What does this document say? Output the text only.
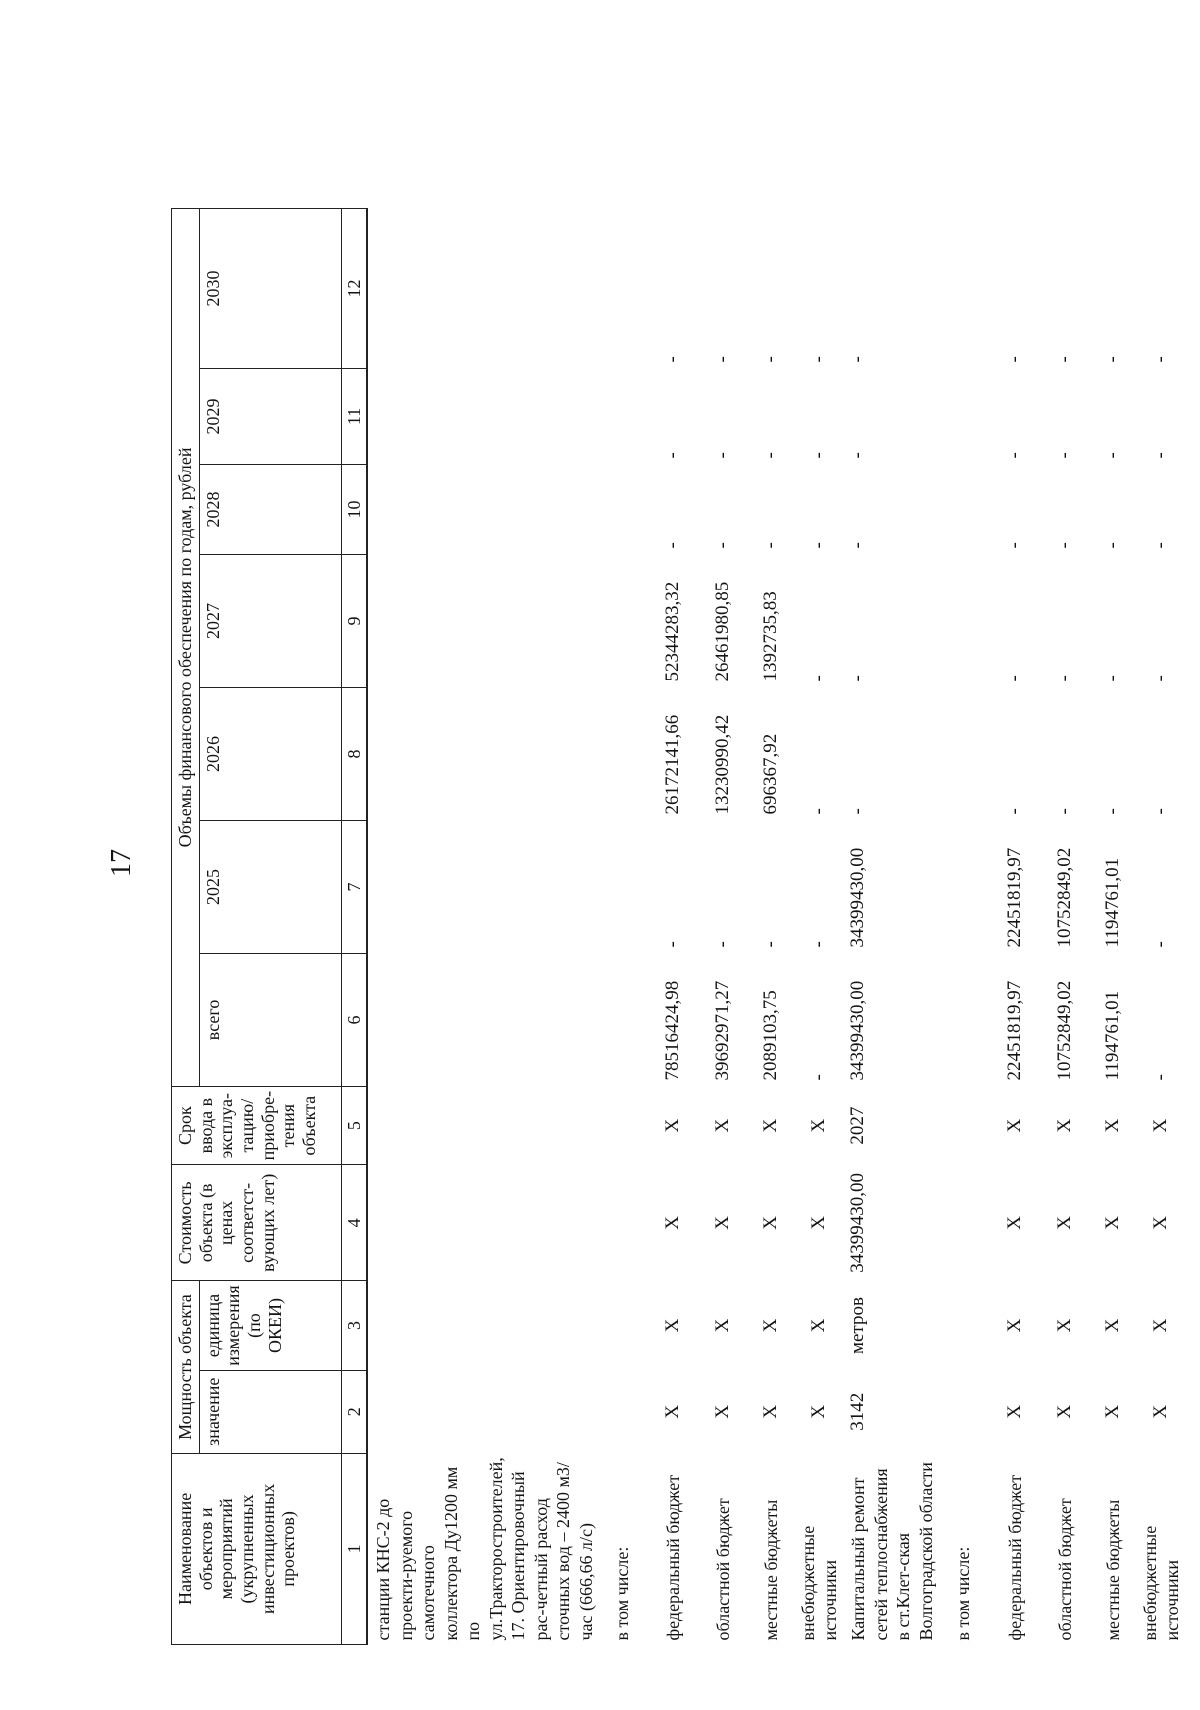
17
Наименование объектов и мероприятий (укрупненных инвестиционных проектов)	Мощность объекта		Стоимость объекта (в ценах соответст-вующих лет)	Срок ввода в эксплуа-тацию/ приобре-тения объекта	Объемы финансового обеспечения по годам, рублей						
	значение	единица измерения (по ОКЕИ)			всего	2025	2026	2027	2028	2029	2030
1	2	3	4	5	6	7	8	9	10	11	12
станции КНС-2 до проекти-руемого самотечного коллектора Ду1200 мм по ул.Тракторостроителей, 17. Ориентировочный рас-четный расход сточных вод – 2400 м3/час (666,66 л/с)											
в том числе:											
федеральный бюджет	X	X	X	X	78516424,98	-	26172141,66	52344283,32	-	-	-
областной бюджет	X	X	X	X	39692971,27	-	13230990,42	26461980,85	-	-	-
местные бюджеты	X	X	X	X	2089103,75	-	696367,92	1392735,83	-	-	-
внебюджетные источники	X	X	X	X	-	-	-	-	-	-	-
Капитальный ремонт сетей теплоснабжения в ст.Клет-ская Волгоградской области	3142	метров	34399430,00	2027	34399430,00	34399430,00	-	-	-	-	-
в том числе:											
федеральный бюджет	X	X	X	X	22451819,97	22451819,97	-	-	-	-	-
областной бюджет	X	X	X	X	10752849,02	10752849,02	-	-	-	-	-
местные бюджеты	X	X	X	X	1194761,01	1194761,01	-	-	-	-	-
внебюджетные источники	X	X	X	X	-	-	-	-	-	-	-
